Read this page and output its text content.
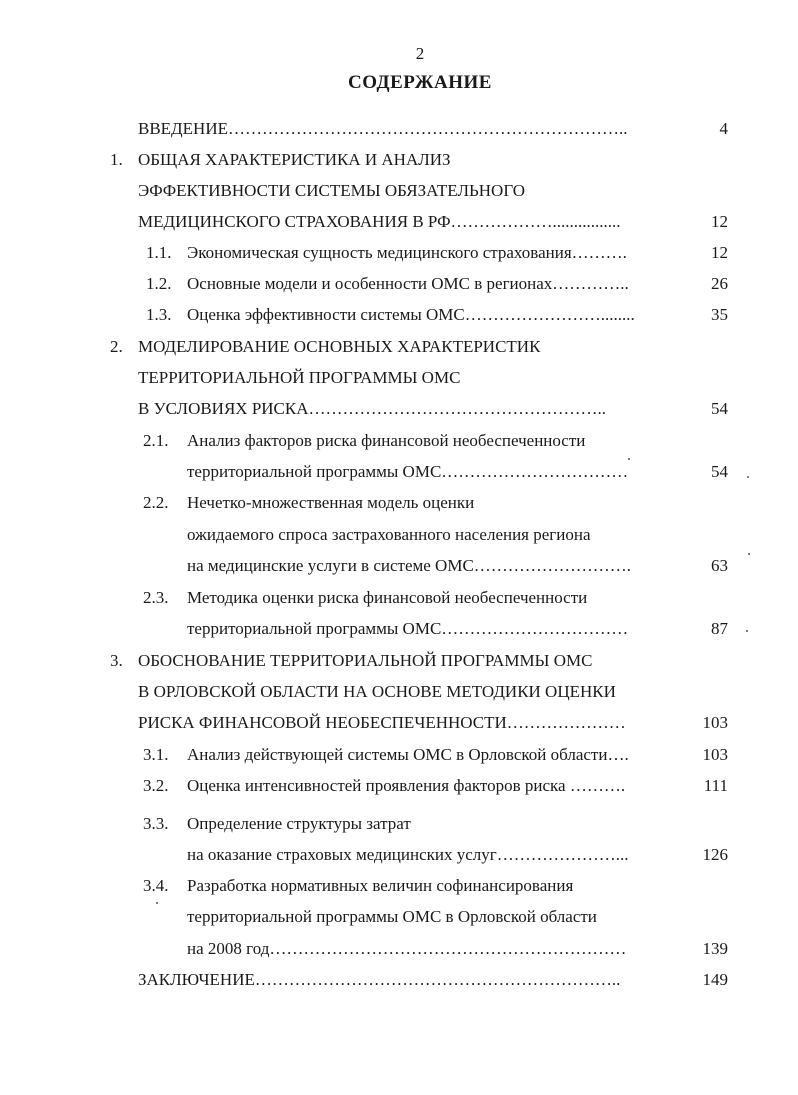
2
СОДЕРЖАНИЕ
ВВЕДЕНИЕ……………………………………………………………..	4
1. ОБЩАЯ ХАРАКТЕРИСТИКА И АНАЛИЗ
ЭФФЕКТИВНОСТИ СИСТЕМЫ ОБЯЗАТЕЛЬНОГО
МЕДИЦИНСКОГО СТРАХОВАНИЯ В РФ………………................	12
1.1. Экономическая сущность медицинского страхования……….	12
1.2. Основные модели и особенности ОМС в регионах…………..	26
1.3. Оценка эффективности системы ОМС……………………........	35
2. МОДЕЛИРОВАНИЕ ОСНОВНЫХ ХАРАКТЕРИСТИК
ТЕРРИТОРИАЛЬНОЙ ПРОГРАММЫ ОМС
В УСЛОВИЯХ РИСКА……………………………………………..	54
2.1. Анализ факторов риска финансовой необеспеченности
территориальной программы ОМС……………………………	54
2.2. Нечетко-множественная модель оценки
ожидаемого спроса застрахованного населения региона
на медицинские услуги в системе ОМС……………………….	63
2.3. Методика оценки риска финансовой необеспеченности
территориальной программы ОМС……………………………	87
3. ОБОСНОВАНИЕ ТЕРРИТОРИАЛЬНОЙ ПРОГРАММЫ ОМС
В ОРЛОВСКОЙ ОБЛАСТИ НА ОСНОВЕ МЕТОДИКИ ОЦЕНКИ
РИСКА ФИНАНСОВОЙ НЕОБЕСПЕЧЕННОСТИ…………………	103
3.1. Анализ действующей системы ОМС в Орловской области….	103
3.2. Оценка интенсивностей проявления факторов риска ……….	111
3.3. Определение структуры затрат
на оказание страховых медицинских услуг…………………...	126
3.4. Разработка нормативных величин софинансирования
территориальной программы ОМС в Орловской области
на 2008 год………………………………………………………	139
ЗАКЛЮЧЕНИЕ………………………………………………………..	149
